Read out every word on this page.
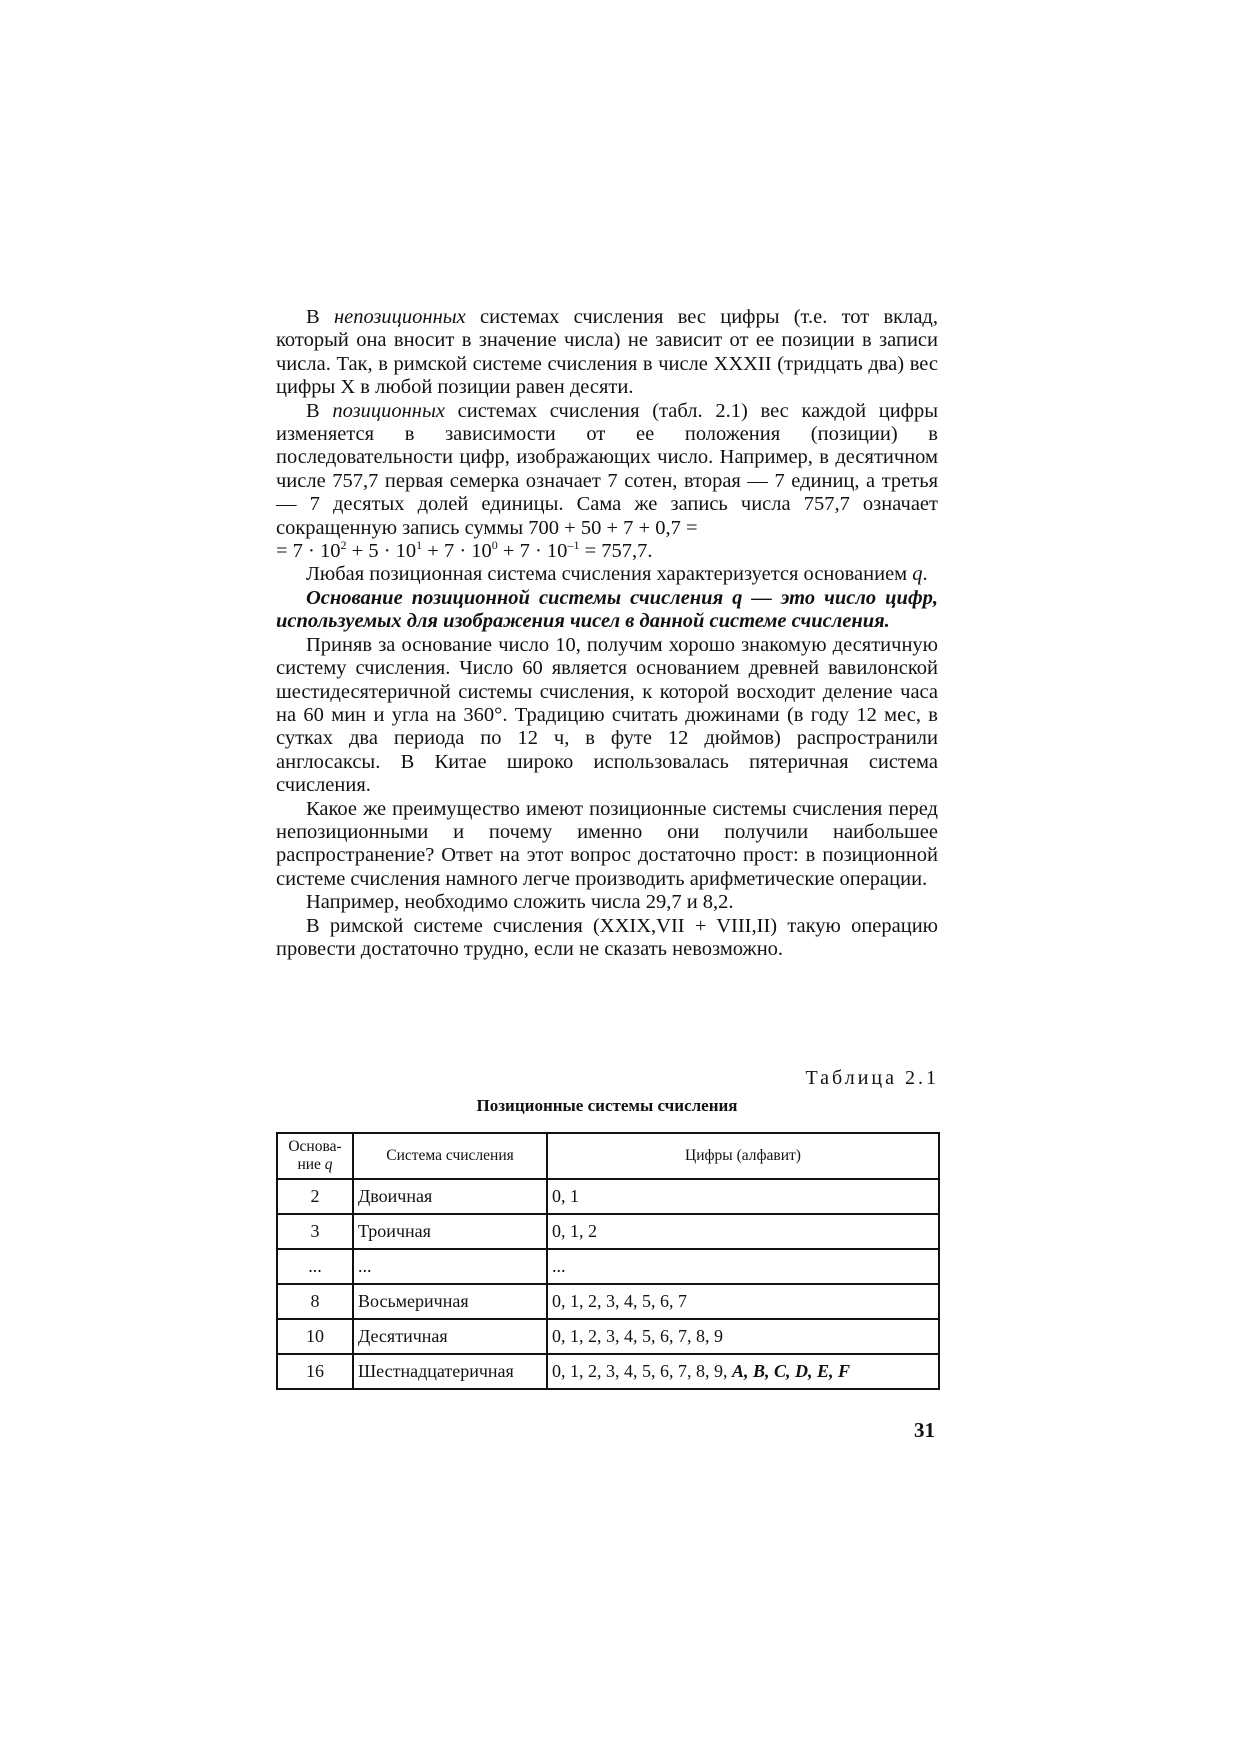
В непозиционных системах счисления вес цифры (т.е. тот вклад, который она вносит в значение числа) не зависит от ее позиции в записи числа. Так, в римской системе счисления в числе XXXII (тридцать два) вес цифры X в любой позиции равен десяти.

В позиционных системах счисления (табл. 2.1) вес каждой цифры изменяется в зависимости от ее положения (позиции) в последовательности цифр, изображающих число. Например, в десятичном числе 757,7 первая семерка означает 7 сотен, вторая — 7 единиц, а третья — 7 десятых долей единицы. Сама же запись числа 757,7 означает сокращенную запись суммы 700 + 50 + 7 + 0,7 =

= $7 \cdot 10^2 + 5 \cdot 10^1 + 7 \cdot 10^0 + 7 \cdot 10^{-1} = 757,7$.

Любая позиционная система счисления характеризуется основанием q.

Основание позиционной системы счисления q — это число цифр, используемых для изображения чисел в данной системе счисления.

Приняв за основание число 10, получим хорошо знакомую десятичную систему счисления. Число 60 является основанием древней вавилонской шестидесятеричной системы счисления, к которой восходит деление часа на 60 мин и угла на 360°. Традицию считать дюжинами (в году 12 мес, в сутках два периода по 12 ч, в футе 12 дюймов) распространили англосаксы. В Китае широко использовалась пятеричная система счисления.

Какое же преимущество имеют позиционные системы счисления перед непозиционными и почему именно они получили наибольшее распространение? Ответ на этот вопрос достаточно прост: в позиционной системе счисления намного легче производить арифметические операции.

Например, необходимо сложить числа 29,7 и 8,2.

В римской системе счисления (XXIX,VII + VIII,II) такую операцию провести достаточно трудно, если не сказать невозможно.

Таблица 2.1
Позиционные системы счисления
Основа-
ние q	Система счисления	Цифры (алфавит)
2	Двоичная	0, 1
3	Троичная	0, 1, 2
...	...	...
8	Восьмеричная	0, 1, 2, 3, 4, 5, 6, 7
10	Десятичная	0, 1, 2, 3, 4, 5, 6, 7, 8, 9
16	Шестнадцатеричная	0, 1, 2, 3, 4, 5, 6, 7, 8, 9, A, B, C, D, E, F
31
